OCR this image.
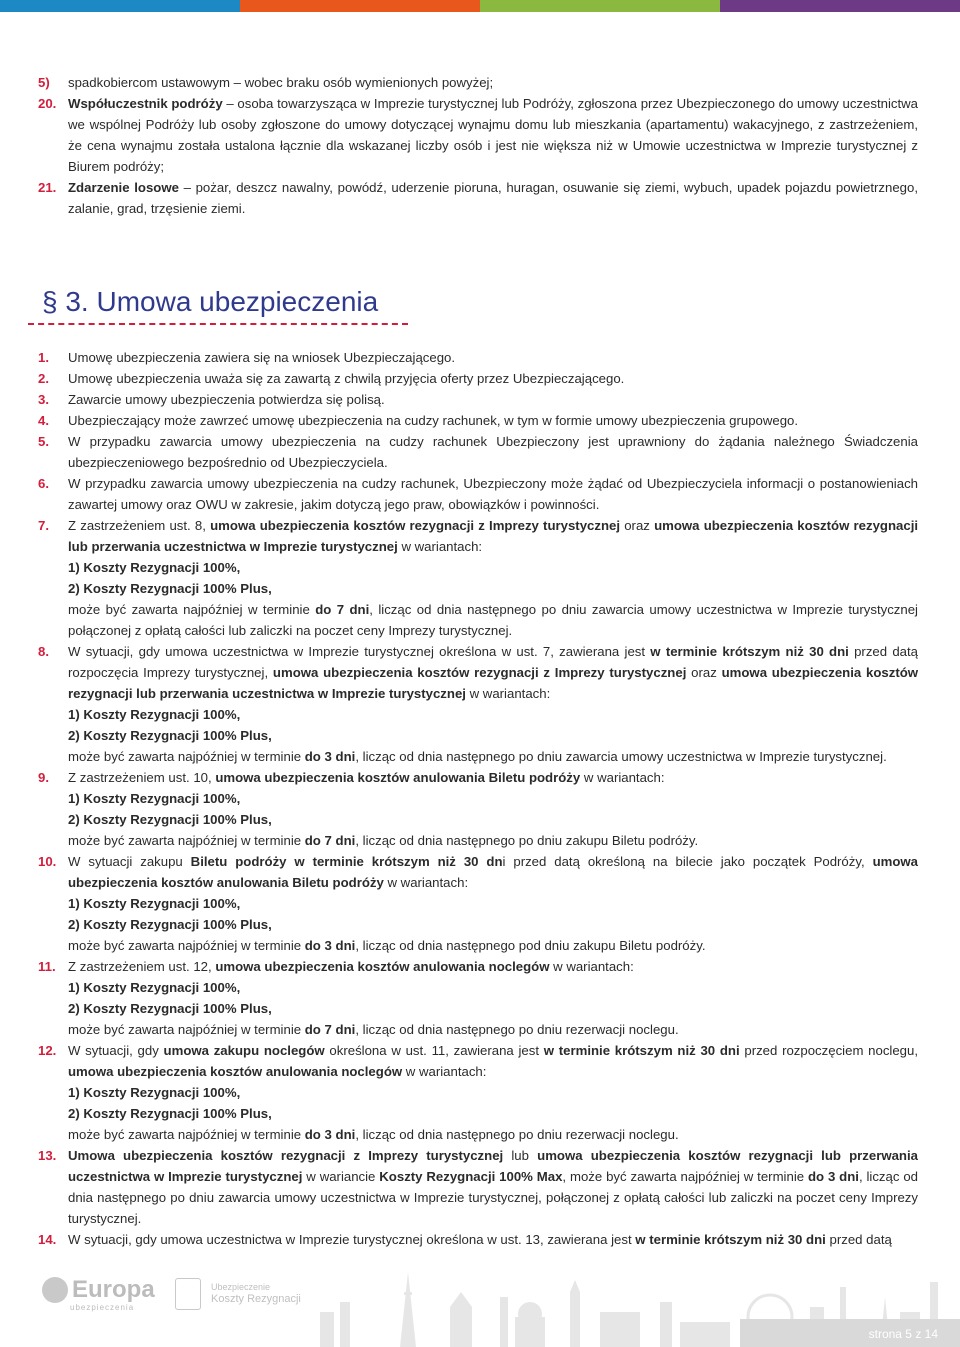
5)	spadkobiercom ustawowym – wobec braku osób wymienionych powyżej;
20. Współuczestnik podróży – osoba towarzysząca w Imprezie turystycznej lub Podróży, zgłoszona przez Ubezpieczonego do umowy uczestnictwa we wspólnej Podróży lub osoby zgłoszone do umowy dotyczącej wynajmu domu lub mieszkania (apartamentu) wakacyjnego, z zastrzeżeniem, że cena wynajmu została ustalona łącznie dla wskazanej liczby osób i jest nie większa niż w Umowie uczestnictwa w Imprezie turystycznej z Biurem podróży;
21. Zdarzenie losowe – pożar, deszcz nawalny, powódź, uderzenie pioruna, huragan, osuwanie się ziemi, wybuch, upadek pojazdu powietrznego, zalanie, grad, trzęsienie ziemi.
§ 3. Umowa ubezpieczenia
1.	Umowę ubezpieczenia zawiera się na wniosek Ubezpieczającego.
2.	Umowę ubezpieczenia uważa się za zawartą z chwilą przyjęcia oferty przez Ubezpieczającego.
3.	Zawarcie umowy ubezpieczenia potwierdza się polisą.
4.	Ubezpieczający może zawrzeć umowę ubezpieczenia na cudzy rachunek, w tym w formie umowy ubezpieczenia grupowego.
5.	W przypadku zawarcia umowy ubezpieczenia na cudzy rachunek Ubezpieczony jest uprawniony do żądania należnego Świadczenia ubezpieczeniowego bezpośrednio od Ubezpieczyciela.
6.	W przypadku zawarcia umowy ubezpieczenia na cudzy rachunek, Ubezpieczony może żądać od Ubezpieczyciela informacji o postanowieniach zawartej umowy oraz OWU w zakresie, jakim dotyczą jego praw, obowiązków i powinności.
7.	Z zastrzeżeniem ust. 8, umowa ubezpieczenia kosztów rezygnacji z Imprezy turystycznej oraz umowa ubezpieczenia kosztów rezygnacji lub przerwania uczestnictwa w Imprezie turystycznej w wariantach:
1) Koszty Rezygnacji 100%,
2) Koszty Rezygnacji 100% Plus,
może być zawarta najpóźniej w terminie do 7 dni, licząc od dnia następnego po dniu zawarcia umowy uczestnictwa w Imprezie turystycznej połączonej z opłatą całości lub zaliczki na poczet ceny Imprezy turystycznej.
8.	W sytuacji, gdy umowa uczestnictwa w Imprezie turystycznej określona w ust. 7, zawierana jest w terminie krótszym niż 30 dni przed datą rozpoczęcia Imprezy turystycznej, umowa ubezpieczenia kosztów rezygnacji z Imprezy turystycznej oraz umowa ubezpieczenia kosztów rezygnacji lub przerwania uczestnictwa w Imprezie turystycznej w wariantach:
1) Koszty Rezygnacji 100%,
2) Koszty Rezygnacji 100% Plus,
może być zawarta najpóźniej w terminie do 3 dni, licząc od dnia następnego po dniu zawarcia umowy uczestnictwa w Imprezie turystycznej.
9.	Z zastrzeżeniem ust. 10, umowa ubezpieczenia kosztów anulowania Biletu podróży w wariantach:
1) Koszty Rezygnacji 100%,
2) Koszty Rezygnacji 100% Plus,
może być zawarta najpóźniej w terminie do 7 dni, licząc od dnia następnego po dniu zakupu Biletu podróży.
10. W sytuacji zakupu Biletu podróży w terminie krótszym niż 30 dni przed datą określoną na bilecie jako początek Podróży, umowa ubezpieczenia kosztów anulowania Biletu podróży w wariantach:
1) Koszty Rezygnacji 100%,
2) Koszty Rezygnacji 100% Plus,
może być zawarta najpóźniej w terminie do 3 dni, licząc od dnia następnego pod dniu zakupu Biletu podróży.
11. Z zastrzeżeniem ust. 12, umowa ubezpieczenia kosztów anulowania noclegów w wariantach:
1) Koszty Rezygnacji 100%,
2) Koszty Rezygnacji 100% Plus,
może być zawarta najpóźniej w terminie do 7 dni, licząc od dnia następnego po dniu rezerwacji noclegu.
12. W sytuacji, gdy umowa zakupu noclegów określona w ust. 11, zawierana jest w terminie krótszym niż 30 dni przed rozpoczęciem noclegu, umowa ubezpieczenia kosztów anulowania noclegów w wariantach:
1) Koszty Rezygnacji 100%,
2) Koszty Rezygnacji 100% Plus,
może być zawarta najpóźniej w terminie do 3 dni, licząc od dnia następnego po dniu rezerwacji noclegu.
13. Umowa ubezpieczenia kosztów rezygnacji z Imprezy turystycznej lub umowa ubezpieczenia kosztów rezygnacji lub przerwania uczestnictwa w Imprezie turystycznej w wariancie Koszty Rezygnacji 100% Max, może być zawarta najpóźniej w terminie do 3 dni, licząc od dnia następnego po dniu zawarcia umowy uczestnictwa w Imprezie turystycznej, połączonej z opłatą całości lub zaliczki na poczet ceny Imprezy turystycznej.
14. W sytuacji, gdy umowa uczestnictwa w Imprezie turystycznej określona w ust. 13, zawierana jest w terminie krótszym niż 30 dni przed datą
Europa
ubezpieczenia
Ubezpieczenie
Koszty Rezygnacji
strona 5 z 14
